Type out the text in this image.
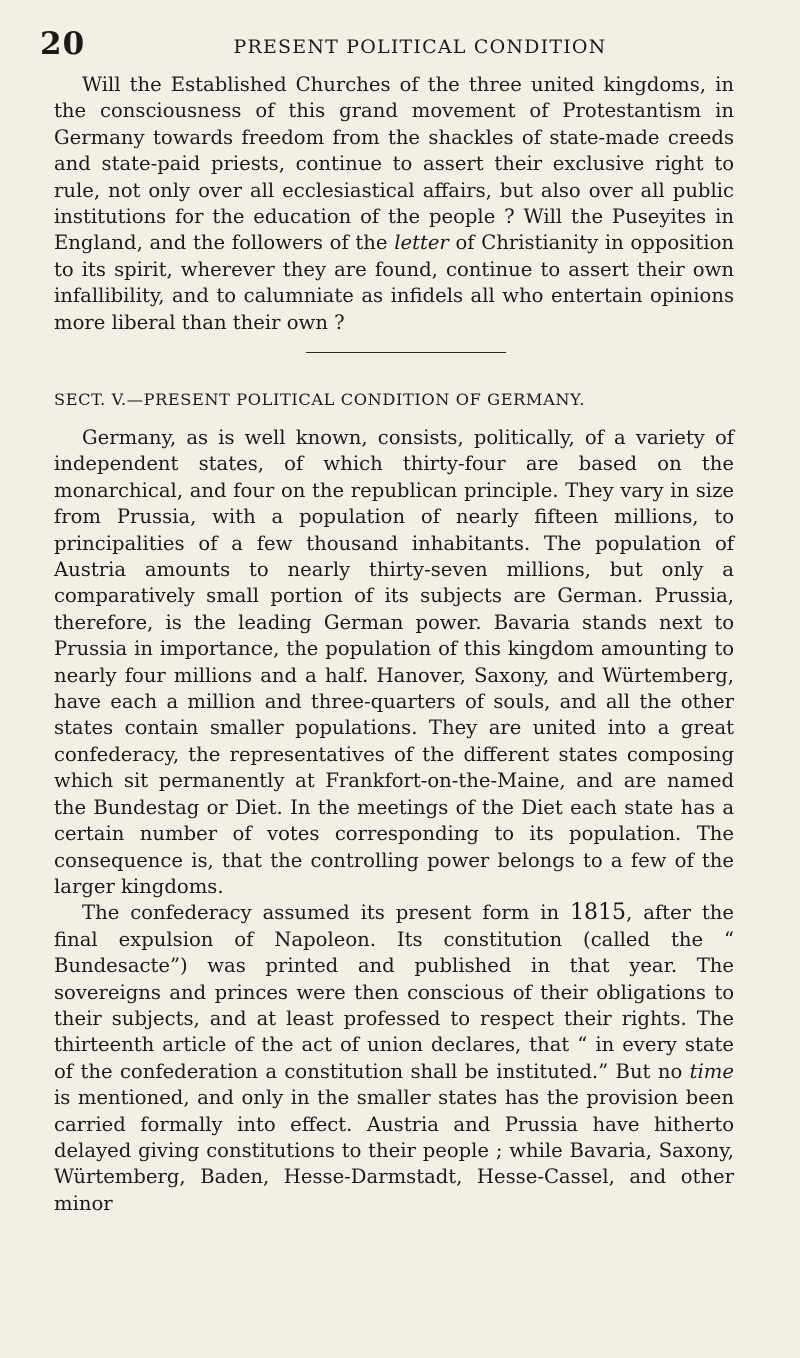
20	PRESENT POLITICAL CONDITION

Will the Established Churches of the three united kingdoms, in the consciousness of this grand movement of Protestantism in Germany towards freedom from the shackles of state-made creeds and state-paid priests, continue to assert their exclusive right to rule, not only over all ecclesiastical affairs, but also over all public institutions for the education of the people ? Will the Puseyites in England, and the followers of the letter of Christianity in opposition to its spirit, wherever they are found, continue to assert their own infallibility, and to calumniate as infidels all who entertain opinions more liberal than their own ?

SECT. V.—PRESENT POLITICAL CONDITION OF GERMANY.

Germany, as is well known, consists, politically, of a variety of independent states, of which thirty-four are based on the monarchical, and four on the republican principle. They vary in size from Prussia, with a population of nearly fifteen millions, to principalities of a few thousand inhabitants. The population of Austria amounts to nearly thirty-seven millions, but only a comparatively small portion of its subjects are German. Prussia, therefore, is the leading German power. Bavaria stands next to Prussia in importance, the population of this kingdom amounting to nearly four millions and a half. Hanover, Saxony, and Würtemberg, have each a million and three-quarters of souls, and all the other states contain smaller populations. They are united into a great confederacy, the representatives of the different states composing which sit permanently at Frankfort-on-the-Maine, and are named the Bundestag or Diet. In the meetings of the Diet each state has a certain number of votes corresponding to its population. The consequence is, that the controlling power belongs to a few of the larger kingdoms.

The confederacy assumed its present form in 1815, after the final expulsion of Napoleon. Its constitution (called the “ Bundesacte”) was printed and published in that year. The sovereigns and princes were then conscious of their obligations to their subjects, and at least professed to respect their rights. The thirteenth article of the act of union declares, that “ in every state of the confederation a constitution shall be instituted.” But no time is mentioned, and only in the smaller states has the provision been carried formally into effect. Austria and Prussia have hitherto delayed giving constitutions to their people ; while Bavaria, Saxony, Würtemberg, Baden, Hesse-Darmstadt, Hesse-Cassel, and other minor
